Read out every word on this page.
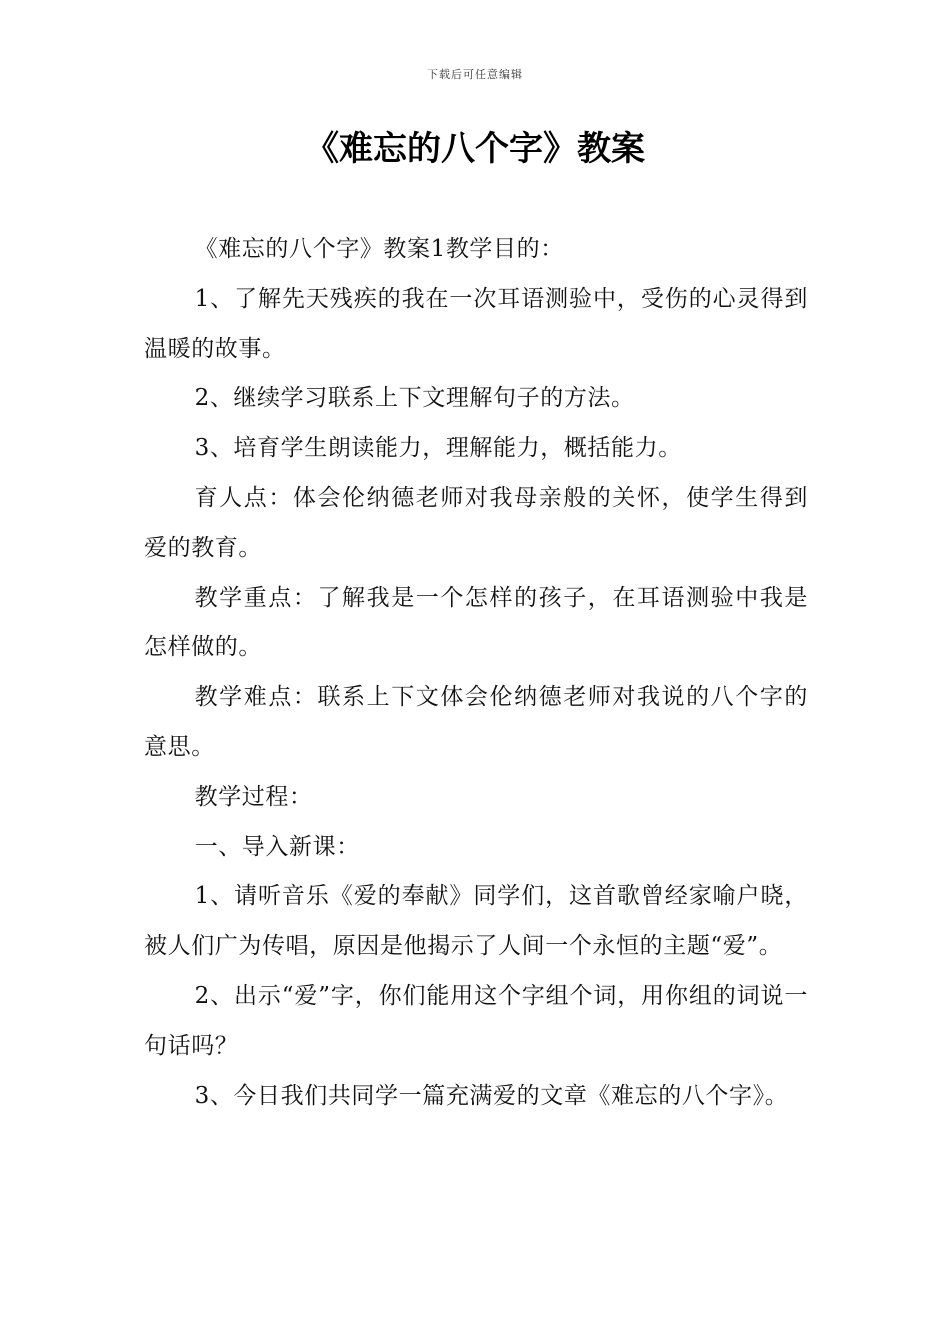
下载后可任意编辑
《难忘的八个字》教案

《难忘的八个字》教案1教学目的：

1、了解先天残疾的我在一次耳语测验中，受伤的心灵得到温暖的故事。

2、继续学习联系上下文理解句子的方法。

3、培育学生朗读能力，理解能力，概括能力。

育人点：体会伦纳德老师对我母亲般的关怀，使学生得到爱的教育。

教学重点：了解我是一个怎样的孩子，在耳语测验中我是怎样做的。

教学难点：联系上下文体会伦纳德老师对我说的八个字的意思。

教学过程：

一、导入新课：

1、请听音乐《爱的奉献》同学们，这首歌曾经家喻户晓，被人们广为传唱，原因是他揭示了人间一个永恒的主题“爱”。

2、出示“爱”字，你们能用这个字组个词，用你组的词说一句话吗？

3、今日我们共同学一篇充满爱的文章《难忘的八个字》。
